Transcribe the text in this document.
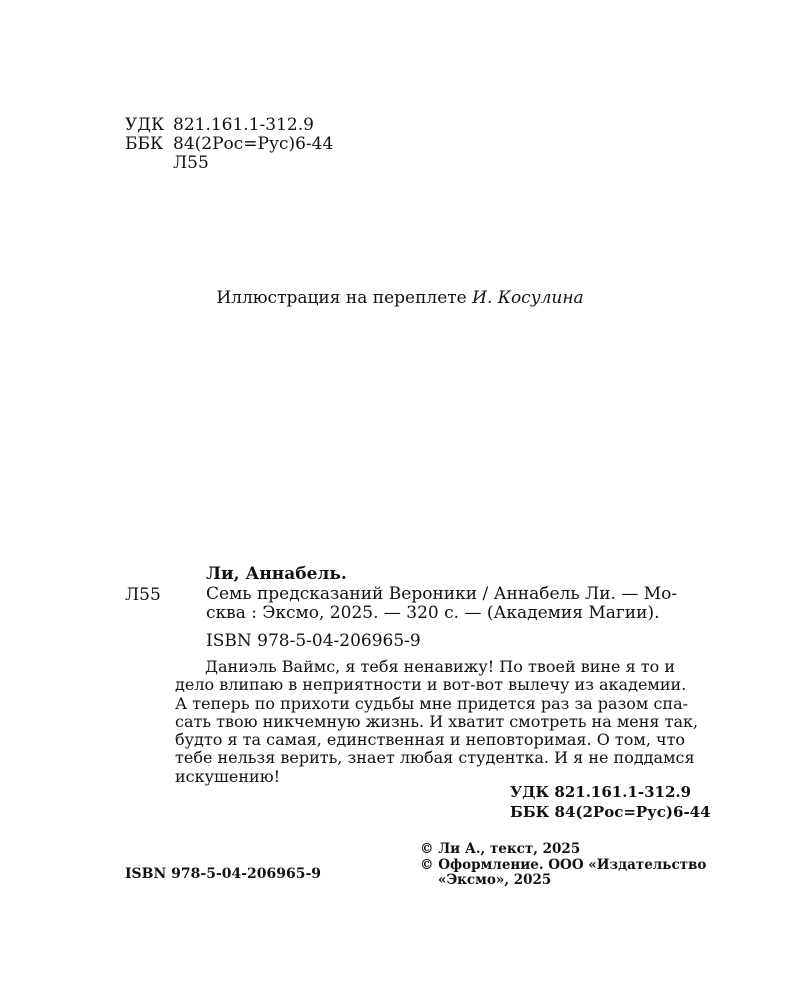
УДК 821.161.1-312.9
ББК 84(2Рос=Рус)6-44
Л55
Иллюстрация на переплете И. Косулина
Ли, Аннабель.
Л55	Семь предсказаний Вероники / Аннабель Ли. — Мо-
сква : Эксмо, 2025. — 320 с. — (Академия Магии).
ISBN 978-5-04-206965-9
Даниэль Ваймс, я тебя ненавижу! По твоей вине я то и
дело влипаю в неприятности и вот-вот вылечу из академии.
А теперь по прихоти судьбы мне придется раз за разом спа-
сать твою никчемную жизнь. И хватит смотреть на меня так,
будто я та самая, единственная и неповторимая. О том, что
тебе нельзя верить, знает любая студентка. И я не поддамся
искушению!
УДК 821.161.1-312.9
ББК 84(2Рос=Рус)6-44
© Ли А., текст, 2025
© Оформление. ООО «Издательство
«Эксмо», 2025
ISBN 978-5-04-206965-9
